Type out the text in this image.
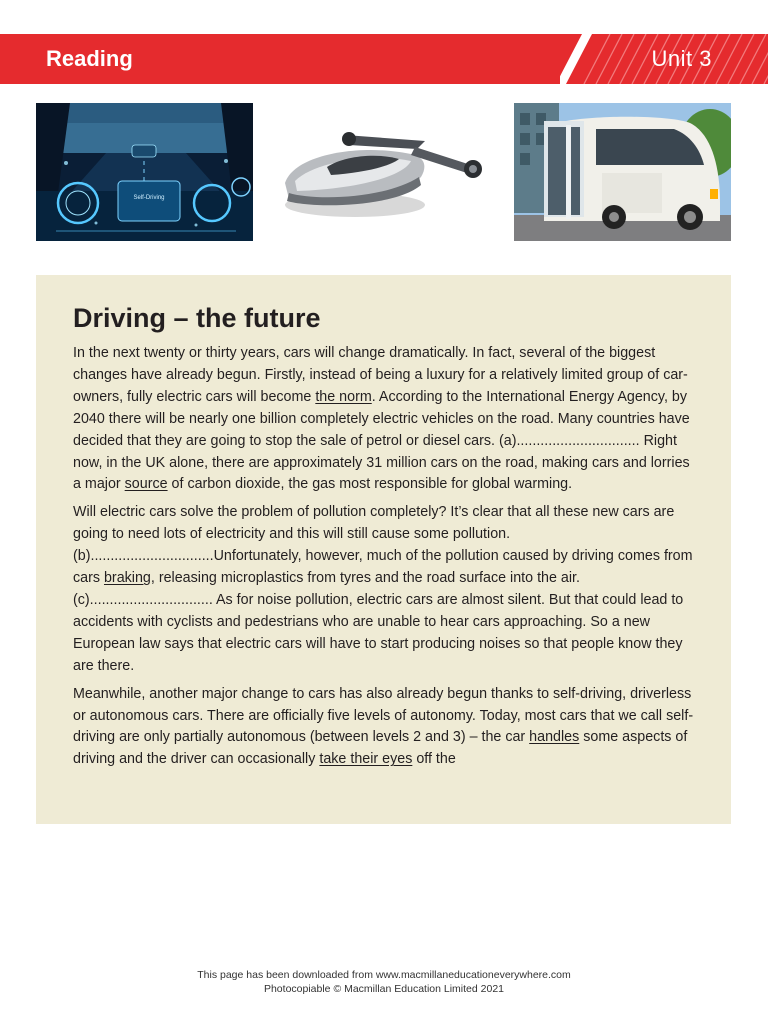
Reading	Unit 3
Self-Driving
Driving – the future

In the next twenty or thirty years, cars will change dramatically. In fact, several of the biggest changes have already begun. Firstly, instead of being a luxury for a relatively limited group of car-owners, fully electric cars will become the norm. According to the International Energy Agency, by 2040 there will be nearly one billion completely electric vehicles on the road. Many countries have decided that they are going to stop the sale of petrol or diesel cars. (a)............................... Right now, in the UK alone, there are approximately 31 million cars on the road, making cars and lorries a major source of carbon dioxide, the gas most responsible for global warming.

Will electric cars solve the problem of pollution completely? It’s clear that all these new cars are going to need lots of electricity and this will still cause some pollution. (b)...............................Unfortunately, however, much of the pollution caused by driving comes from cars braking, releasing microplastics from tyres and the road surface into the air. (c)............................... As for noise pollution, electric cars are almost silent. But that could lead to accidents with cyclists and pedestrians who are unable to hear cars approaching. So a new European law says that electric cars will have to start producing noises so that people know they are there.

Meanwhile, another major change to cars has also already begun thanks to self-driving, driverless or autonomous cars. There are officially five levels of autonomy. Today, most cars that we call self-driving are only partially autonomous (between levels 2 and 3) – the car handles some aspects of driving and the driver can occasionally take their eyes off the

This page has been downloaded from www.macmillaneducationeverywhere.com
Photocopiable © Macmillan Education Limited 2021
